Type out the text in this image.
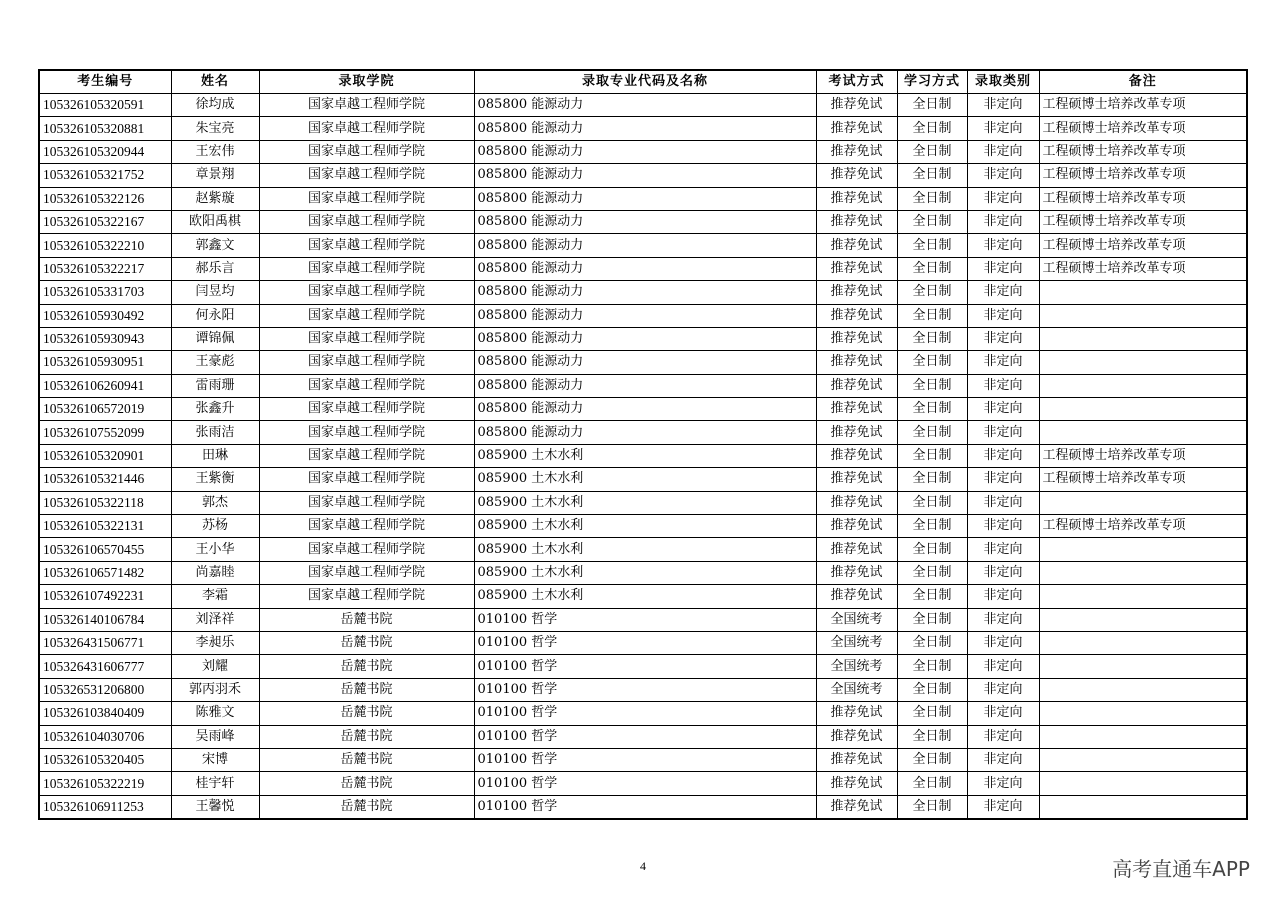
考生编号	姓名	录取学院	录取专业代码及名称	考试方式	学习方式	录取类别	备注
105326105320591	徐均成	国家卓越工程师学院	085800 能源动力	推荐免试	全日制	非定向	工程硕博士培养改革专项
105326105320881	朱宝亮	国家卓越工程师学院	085800 能源动力	推荐免试	全日制	非定向	工程硕博士培养改革专项
105326105320944	王宏伟	国家卓越工程师学院	085800 能源动力	推荐免试	全日制	非定向	工程硕博士培养改革专项
105326105321752	章景翔	国家卓越工程师学院	085800 能源动力	推荐免试	全日制	非定向	工程硕博士培养改革专项
105326105322126	赵紫璇	国家卓越工程师学院	085800 能源动力	推荐免试	全日制	非定向	工程硕博士培养改革专项
105326105322167	欧阳禹棋	国家卓越工程师学院	085800 能源动力	推荐免试	全日制	非定向	工程硕博士培养改革专项
105326105322210	郭鑫文	国家卓越工程师学院	085800 能源动力	推荐免试	全日制	非定向	工程硕博士培养改革专项
105326105322217	郝乐言	国家卓越工程师学院	085800 能源动力	推荐免试	全日制	非定向	工程硕博士培养改革专项
105326105331703	闫昱均	国家卓越工程师学院	085800 能源动力	推荐免试	全日制	非定向	
105326105930492	何永阳	国家卓越工程师学院	085800 能源动力	推荐免试	全日制	非定向	
105326105930943	谭锦佩	国家卓越工程师学院	085800 能源动力	推荐免试	全日制	非定向	
105326105930951	王豪彪	国家卓越工程师学院	085800 能源动力	推荐免试	全日制	非定向	
105326106260941	雷雨珊	国家卓越工程师学院	085800 能源动力	推荐免试	全日制	非定向	
105326106572019	张鑫升	国家卓越工程师学院	085800 能源动力	推荐免试	全日制	非定向	
105326107552099	张雨洁	国家卓越工程师学院	085800 能源动力	推荐免试	全日制	非定向	
105326105320901	田琳	国家卓越工程师学院	085900 土木水利	推荐免试	全日制	非定向	工程硕博士培养改革专项
105326105321446	王紫衡	国家卓越工程师学院	085900 土木水利	推荐免试	全日制	非定向	工程硕博士培养改革专项
105326105322118	郭杰	国家卓越工程师学院	085900 土木水利	推荐免试	全日制	非定向	
105326105322131	苏杨	国家卓越工程师学院	085900 土木水利	推荐免试	全日制	非定向	工程硕博士培养改革专项
105326106570455	王小华	国家卓越工程师学院	085900 土木水利	推荐免试	全日制	非定向	
105326106571482	尚嘉睦	国家卓越工程师学院	085900 土木水利	推荐免试	全日制	非定向	
105326107492231	李霜	国家卓越工程师学院	085900 土木水利	推荐免试	全日制	非定向	
105326140106784	刘泽祥	岳麓书院	010100 哲学	全国统考	全日制	非定向	
105326431506771	李昶乐	岳麓书院	010100 哲学	全国统考	全日制	非定向	
105326431606777	刘耀	岳麓书院	010100 哲学	全国统考	全日制	非定向	
105326531206800	郭丙羽禾	岳麓书院	010100 哲学	全国统考	全日制	非定向	
105326103840409	陈雅文	岳麓书院	010100 哲学	推荐免试	全日制	非定向	
105326104030706	吴雨峰	岳麓书院	010100 哲学	推荐免试	全日制	非定向	
105326105320405	宋博	岳麓书院	010100 哲学	推荐免试	全日制	非定向	
105326105322219	桂宇轩	岳麓书院	010100 哲学	推荐免试	全日制	非定向	
105326106911253	王馨悦	岳麓书院	010100 哲学	推荐免试	全日制	非定向	
4	高考直通车APP
